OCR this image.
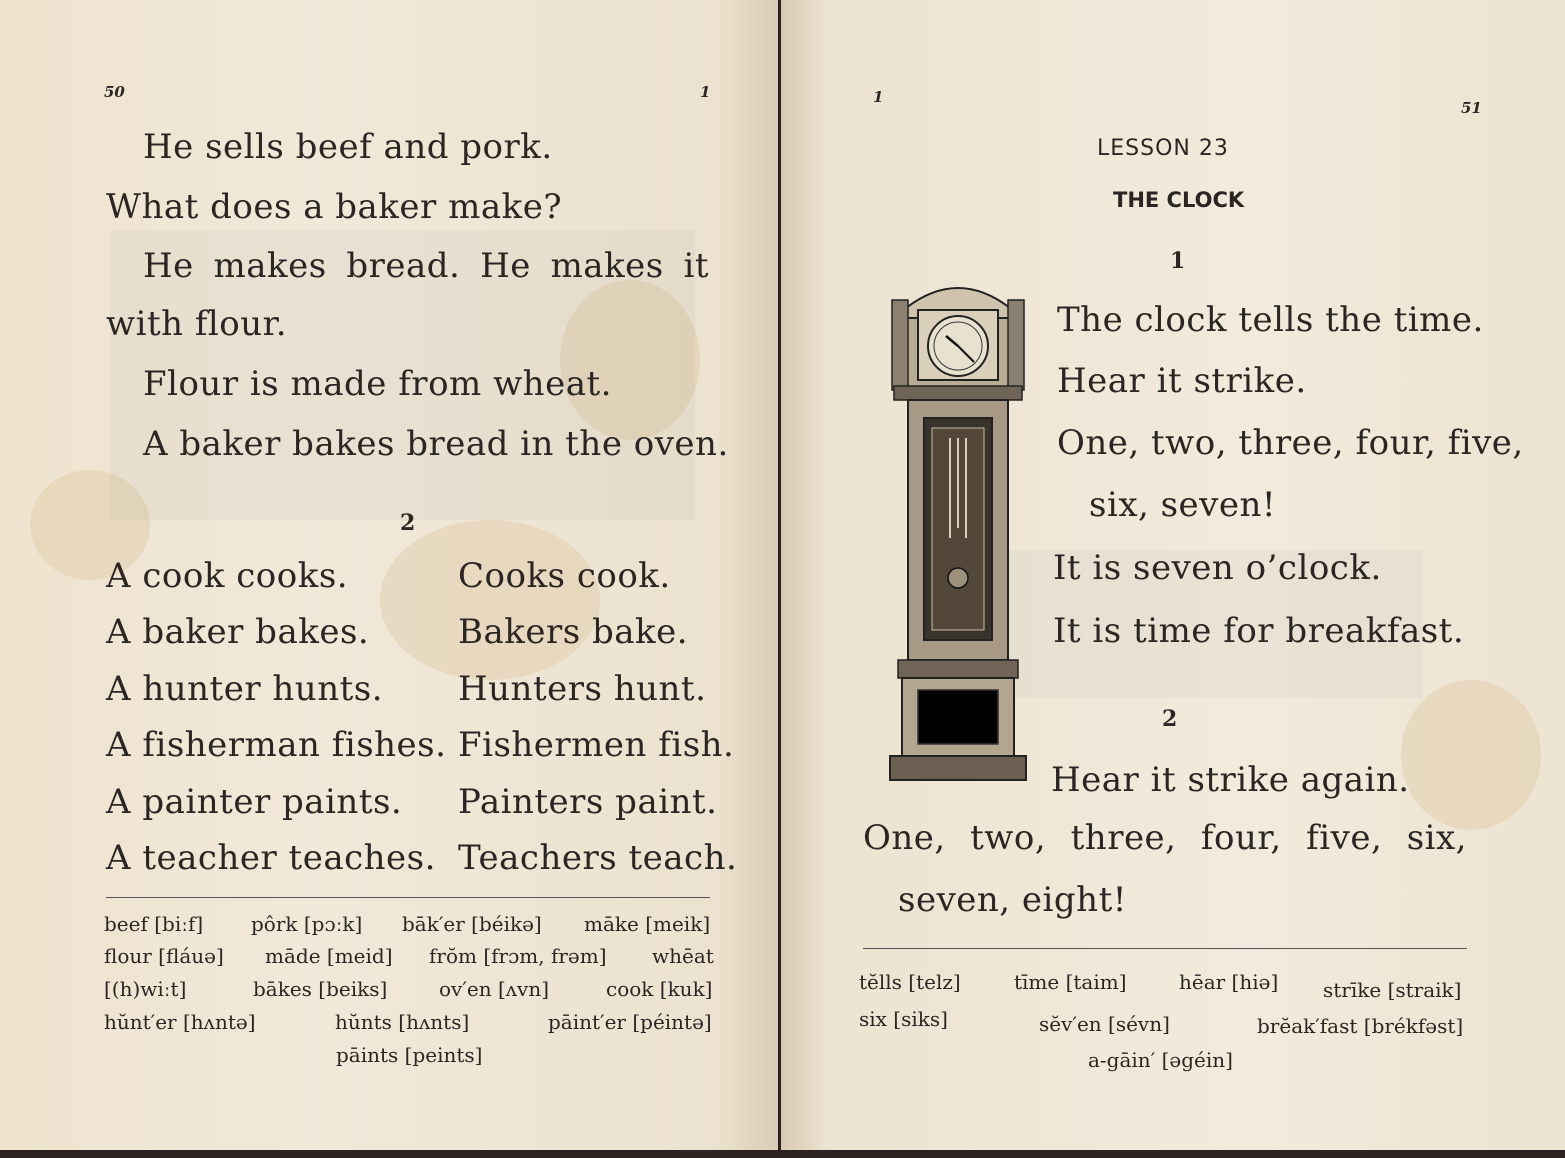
50	1
He sells beef and pork.
What does a baker make?
He makes bread. He makes it
with flour.
Flour is made from wheat.
A baker bakes bread in the oven.
2
A cook cooks.	Cooks cook.
A baker bakes.	Bakers bake.
A hunter hunts. Hunters hunt.
A fisherman fishes. Fishermen fish.
A painter paints. Painters paint.
A teacher teaches. Teachers teach.
beef [biːf] pôrk [pɔːk] bāk′er [béikə] māke [meik]
flour [fláuə] māde [meid] frŏm [frɔm, frəm] whēat
[(h)wiːt]	bākes [beiks]	ov′en [ʌvn]	cook [kuk]
hŭnt′er [hʌntə]	hŭnts [hʌnts]	pāint′er [péintə]
pāints [peints]
1
51
LESSON 23
THE CLOCK
1
The clock tells the time.
Hear it strike.
One, two, three, four, five,
six, seven!
It is seven o’clock.
It is time for breakfast.
2
Hear it strike again.
One, two, three, four, five, six,
seven, eight!
tĕlls [telz]	tīme [taim]	hēar [hiə] strīke [straik]
six [siks]	sĕv′en [sévn]	brĕak′fast [brékfəst]
a-gāin′ [əgéin]
